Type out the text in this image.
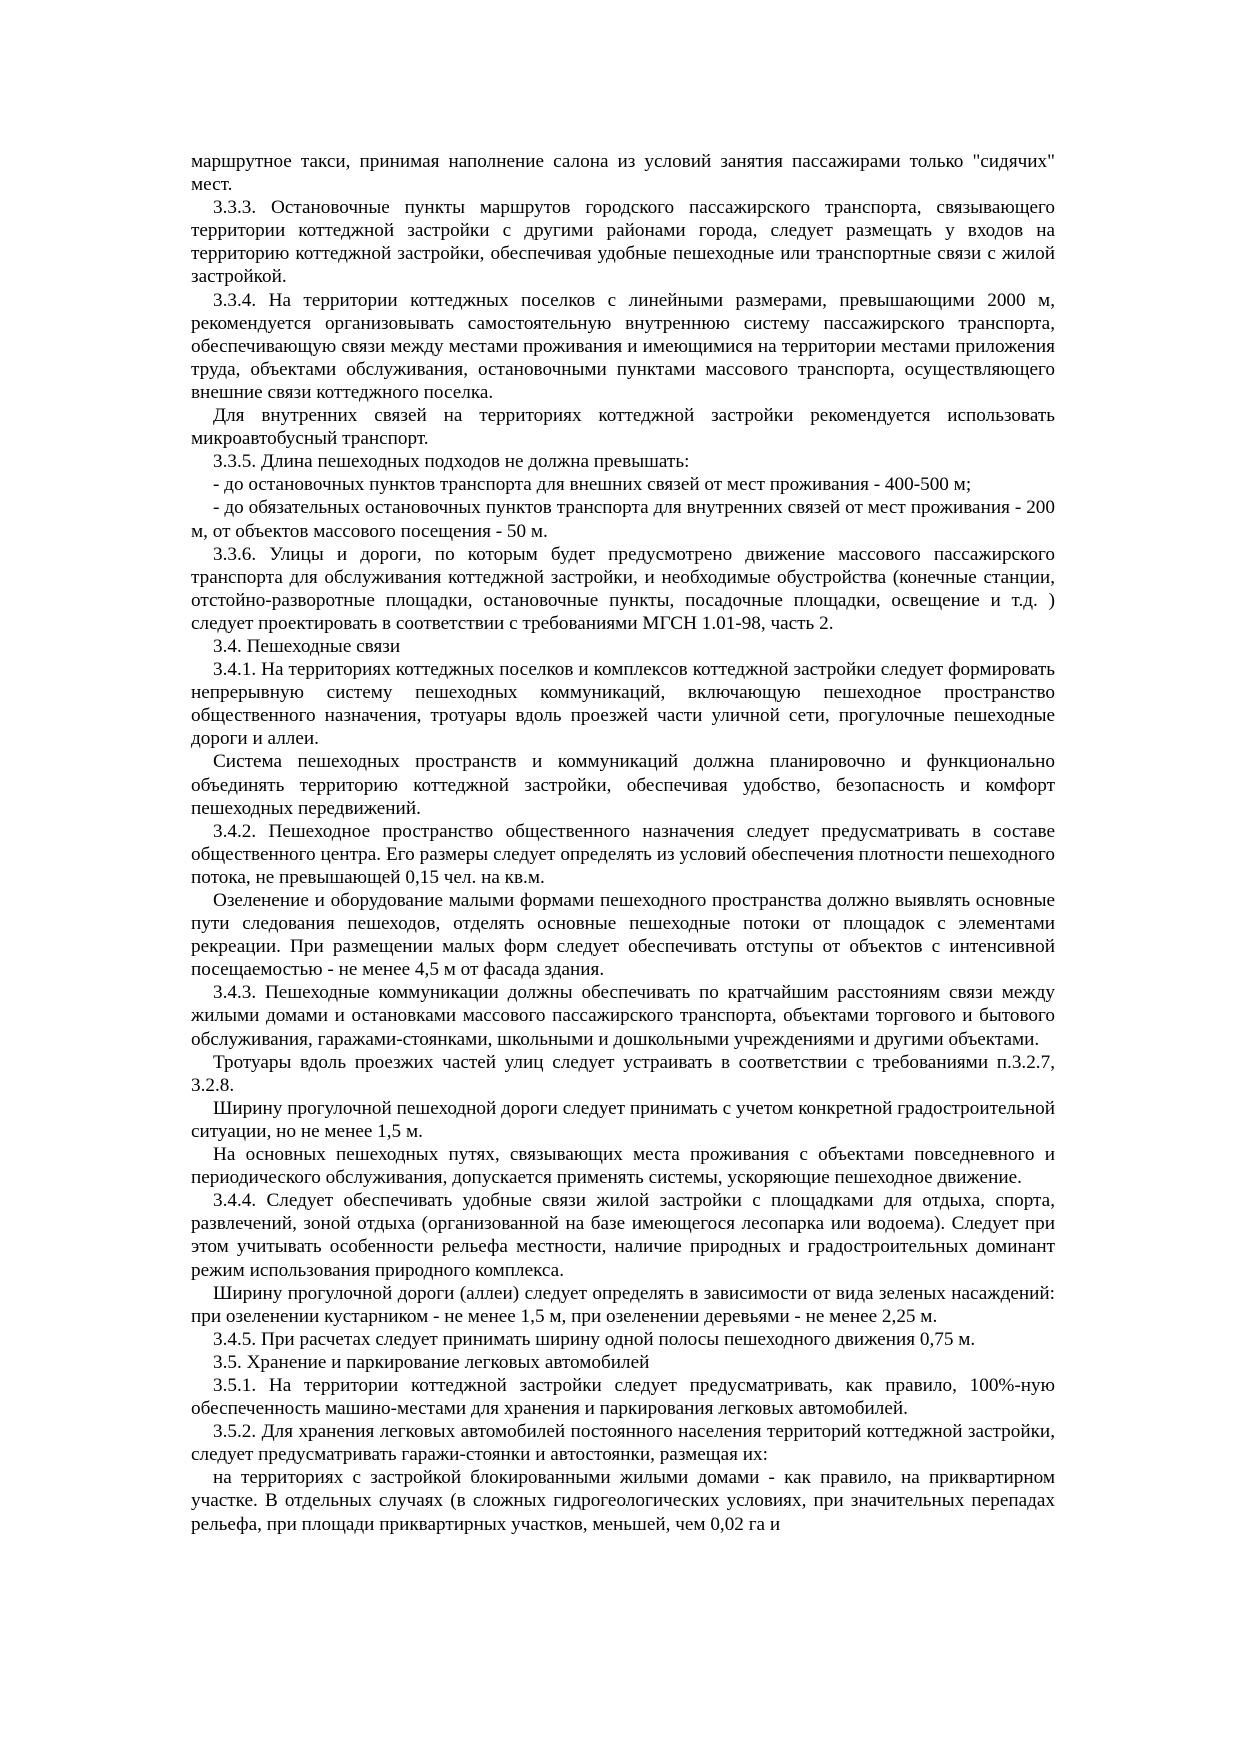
маршрутное такси, принимая наполнение салона из условий занятия пассажирами только "сидячих" мест.

3.3.3. Остановочные пункты маршрутов городского пассажирского транспорта, связывающего территории коттеджной застройки с другими районами города, следует размещать у входов на территорию коттеджной застройки, обеспечивая удобные пешеходные или транспортные связи с жилой застройкой.

3.3.4. На территории коттеджных поселков с линейными размерами, превышающими 2000 м, рекомендуется организовывать самостоятельную внутреннюю систему пассажирского транспорта, обеспечивающую связи между местами проживания и имеющимися на территории местами приложения труда, объектами обслуживания, остановочными пунктами массового транспорта, осуществляющего внешние связи коттеджного поселка.

Для внутренних связей на территориях коттеджной застройки рекомендуется использовать микроавтобусный транспорт.

3.3.5. Длина пешеходных подходов не должна превышать:

- до остановочных пунктов транспорта для внешних связей от мест проживания - 400-500 м;

- до обязательных остановочных пунктов транспорта для внутренних связей от мест проживания - 200 м, от объектов массового посещения - 50 м.

3.3.6. Улицы и дороги, по которым будет предусмотрено движение массового пассажирского транспорта для обслуживания коттеджной застройки, и необходимые обустройства (конечные станции, отстойно-разворотные площадки, остановочные пункты, посадочные площадки, освещение и т.д. ) следует проектировать в соответствии с требованиями МГСН 1.01-98, часть 2.

3.4. Пешеходные связи

3.4.1. На территориях коттеджных поселков и комплексов коттеджной застройки следует формировать непрерывную систему пешеходных коммуникаций, включающую пешеходное пространство общественного назначения, тротуары вдоль проезжей части уличной сети, прогулочные пешеходные дороги и аллеи.

Система пешеходных пространств и коммуникаций должна планировочно и функционально объединять территорию коттеджной застройки, обеспечивая удобство, безопасность и комфорт пешеходных передвижений.

3.4.2. Пешеходное пространство общественного назначения следует предусматривать в составе общественного центра. Его размеры следует определять из условий обеспечения плотности пешеходного потока, не превышающей 0,15 чел. на кв.м.

Озеленение и оборудование малыми формами пешеходного пространства должно выявлять основные пути следования пешеходов, отделять основные пешеходные потоки от площадок с элементами рекреации. При размещении малых форм следует обеспечивать отступы от объектов с интенсивной посещаемостью - не менее 4,5 м от фасада здания.

3.4.3. Пешеходные коммуникации должны обеспечивать по кратчайшим расстояниям связи между жилыми домами и остановками массового пассажирского транспорта, объектами торгового и бытового обслуживания, гаражами-стоянками, школьными и дошкольными учреждениями и другими объектами.

Тротуары вдоль проезжих частей улиц следует устраивать в соответствии с требованиями п.3.2.7, 3.2.8.

Ширину прогулочной пешеходной дороги следует принимать с учетом конкретной градостроительной ситуации, но не менее 1,5 м.

На основных пешеходных путях, связывающих места проживания с объектами повседневного и периодического обслуживания, допускается применять системы, ускоряющие пешеходное движение.

3.4.4. Следует обеспечивать удобные связи жилой застройки с площадками для отдыха, спорта, развлечений, зоной отдыха (организованной на базе имеющегося лесопарка или водоема). Следует при этом учитывать особенности рельефа местности, наличие природных и градостроительных доминант режим использования природного комплекса.

Ширину прогулочной дороги (аллеи) следует определять в зависимости от вида зеленых насаждений: при озеленении кустарником - не менее 1,5 м, при озеленении деревьями - не менее 2,25 м.

3.4.5. При расчетах следует принимать ширину одной полосы пешеходного движения 0,75 м.

3.5. Хранение и паркирование легковых автомобилей

3.5.1. На территории коттеджной застройки следует предусматривать, как правило, 100%-ную обеспеченность машино-местами для хранения и паркирования легковых автомобилей.

3.5.2. Для хранения легковых автомобилей постоянного населения территорий коттеджной застройки, следует предусматривать гаражи-стоянки и автостоянки, размещая их:

на территориях с застройкой блокированными жилыми домами - как правило, на приквартирном участке. В отдельных случаях (в сложных гидрогеологических условиях, при значительных перепадах рельефа, при площади приквартирных участков, меньшей, чем 0,02 га и
